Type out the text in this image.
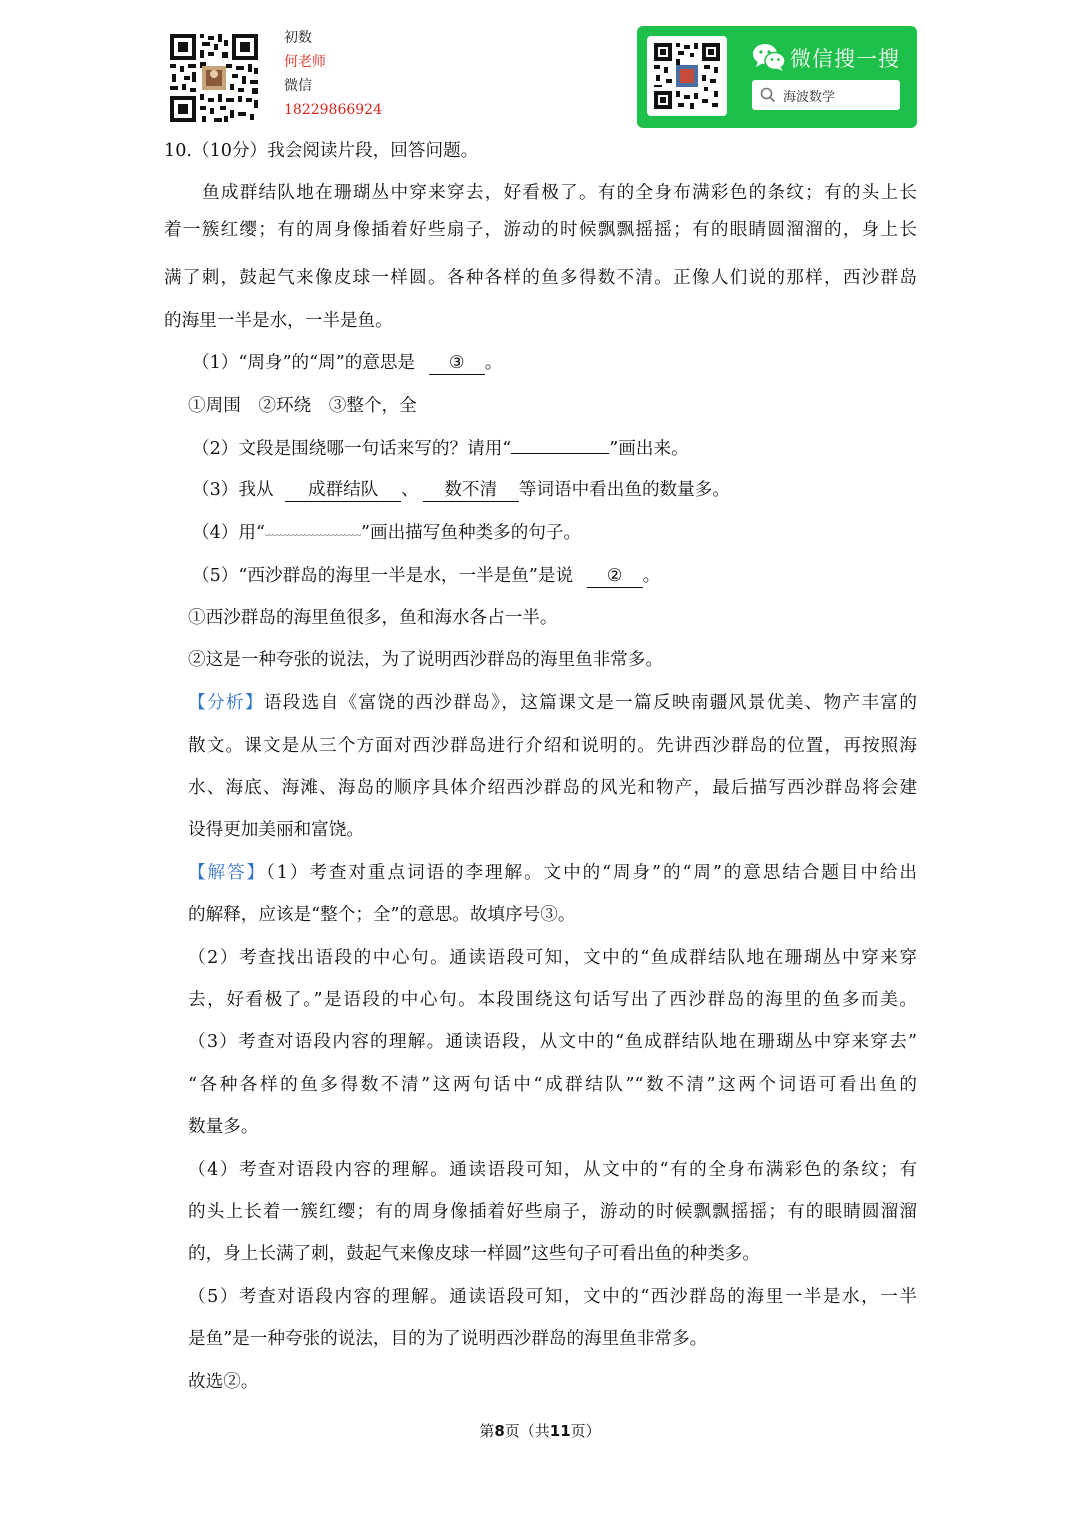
初数
何老师
微信
18229866924
微信搜一搜
海波数学
10.（10分）我会阅读片段，回答问题。
鱼成群结队地在珊瑚丛中穿来穿去，好看极了。有的全身布满彩色的条纹；有的头上长
着一簇红缨；有的周身像插着好些扇子，游动的时候飘飘摇摇；有的眼睛圆溜溜的，身上长
满了刺，鼓起气来像皮球一样圆。各种各样的鱼多得数不清。正像人们说的那样，西沙群岛
的海里一半是水，一半是鱼。
（1）“周身”的“周”的意思是 ③ 。
①周围　②环绕　③整个，全
（2）文段是围绕哪一句话来写的？请用“	”画出来。
（3）我从 成群结队 、 数不清 等词语中看出鱼的数量多。
（4）用“	”画出描写鱼种类多的句子。
（5）“西沙群岛的海里一半是水，一半是鱼”是说 ② 。
①西沙群岛的海里鱼很多，鱼和海水各占一半。
②这是一种夸张的说法，为了说明西沙群岛的海里鱼非常多。
【分析】语段选自《富饶的西沙群岛》，这篇课文是一篇反映南疆风景优美、物产丰富的
散文。课文是从三个方面对西沙群岛进行介绍和说明的。先讲西沙群岛的位置，再按照海
水、海底、海滩、海岛的顺序具体介绍西沙群岛的风光和物产，最后描写西沙群岛将会建
设得更加美丽和富饶。
【解答】（1）考查对重点词语的李理解。文中的“周身”的“周”的意思结合题目中给出
的解释，应该是“整个；全”的意思。故填序号③。
（2）考查找出语段的中心句。通读语段可知，文中的“鱼成群结队地在珊瑚丛中穿来穿
去，好看极了。”是语段的中心句。本段围绕这句话写出了西沙群岛的海里的鱼多而美。
（3）考查对语段内容的理解。通读语段，从文中的“鱼成群结队地在珊瑚丛中穿来穿去”
“各种各样的鱼多得数不清”这两句话中“成群结队”“数不清”这两个词语可看出鱼的
数量多。
（4）考查对语段内容的理解。通读语段可知，从文中的“有的全身布满彩色的条纹；有
的头上长着一簇红缨；有的周身像插着好些扇子，游动的时候飘飘摇摇；有的眼睛圆溜溜
的，身上长满了刺，鼓起气来像皮球一样圆”这些句子可看出鱼的种类多。
（5）考查对语段内容的理解。通读语段可知，文中的“西沙群岛的海里一半是水，一半
是鱼”是一种夸张的说法，目的为了说明西沙群岛的海里鱼非常多。
故选②。
第8页（共11页）
